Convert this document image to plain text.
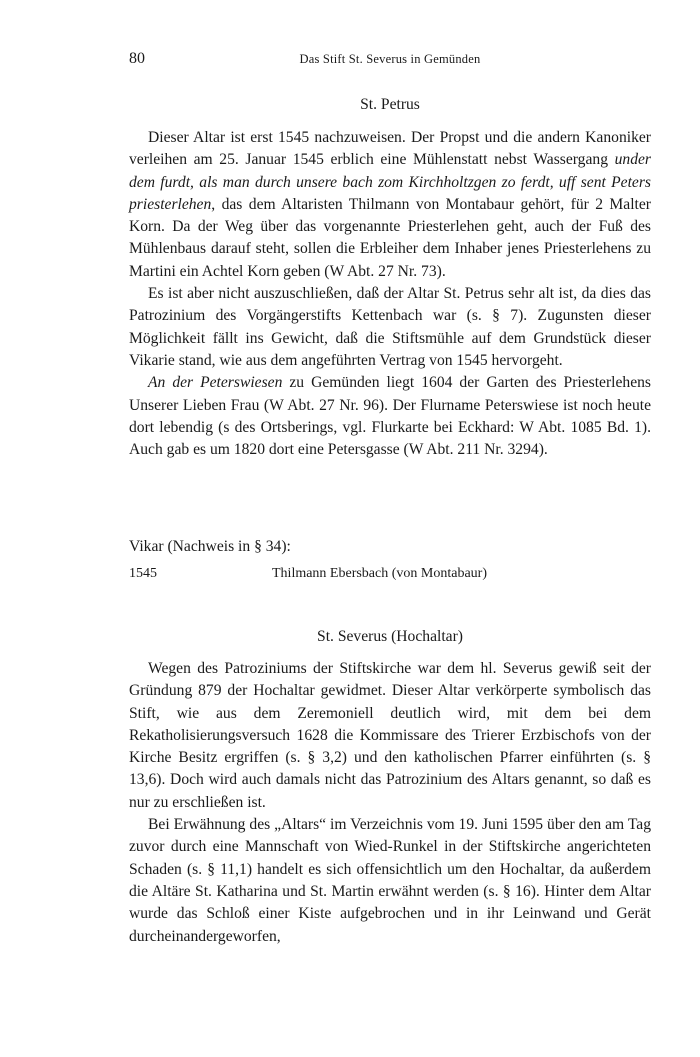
80	Das Stift St. Severus in Gemünden
St. Petrus

Dieser Altar ist erst 1545 nachzuweisen. Der Propst und die andern Kanoniker verleihen am 25. Januar 1545 erblich eine Mühlenstatt nebst Wassergang under dem furdt, als man durch unsere bach zom Kirchholtzgen zo ferdt, uff sent Peters priesterlehen, das dem Altaristen Thilmann von Montabaur gehört, für 2 Malter Korn. Da der Weg über das vorgenannte Priesterlehen geht, auch der Fuß des Mühlenbaus darauf steht, sollen die Erbleiher dem Inhaber jenes Priesterlehens zu Martini ein Achtel Korn geben (W Abt. 27 Nr. 73).

Es ist aber nicht auszuschließen, daß der Altar St. Petrus sehr alt ist, da dies das Patrozinium des Vorgängerstifts Kettenbach war (s. § 7). Zugunsten dieser Möglichkeit fällt ins Gewicht, daß die Stiftsmühle auf dem Grundstück dieser Vikarie stand, wie aus dem angeführten Vertrag von 1545 hervorgeht.

An der Peterswiesen zu Gemünden liegt 1604 der Garten des Priesterlehens Unserer Lieben Frau (W Abt. 27 Nr. 96). Der Flurname Peterswiese ist noch heute dort lebendig (s des Ortsberings, vgl. Flurkarte bei Eckhard: W Abt. 1085 Bd. 1). Auch gab es um 1820 dort eine Petersgasse (W Abt. 211 Nr. 3294).

Vikar (Nachweis in § 34):
1545	Thilmann Ebersbach (von Montabaur)
St. Severus (Hochaltar)

Wegen des Patroziniums der Stiftskirche war dem hl. Severus gewiß seit der Gründung 879 der Hochaltar gewidmet. Dieser Altar verkörperte symbolisch das Stift, wie aus dem Zeremoniell deutlich wird, mit dem bei dem Rekatholisierungsversuch 1628 die Kommissare des Trierer Erzbischofs von der Kirche Besitz ergriffen (s. § 3,2) und den katholischen Pfarrer einführten (s. § 13,6). Doch wird auch damals nicht das Patrozinium des Altars genannt, so daß es nur zu erschließen ist.

Bei Erwähnung des „Altars“ im Verzeichnis vom 19. Juni 1595 über den am Tag zuvor durch eine Mannschaft von Wied-Runkel in der Stiftskirche angerichteten Schaden (s. § 11,1) handelt es sich offensichtlich um den Hochaltar, da außerdem die Altäre St. Katharina und St. Martin erwähnt werden (s. § 16). Hinter dem Altar wurde das Schloß einer Kiste aufgebrochen und in ihr Leinwand und Gerät durcheinandergeworfen,
